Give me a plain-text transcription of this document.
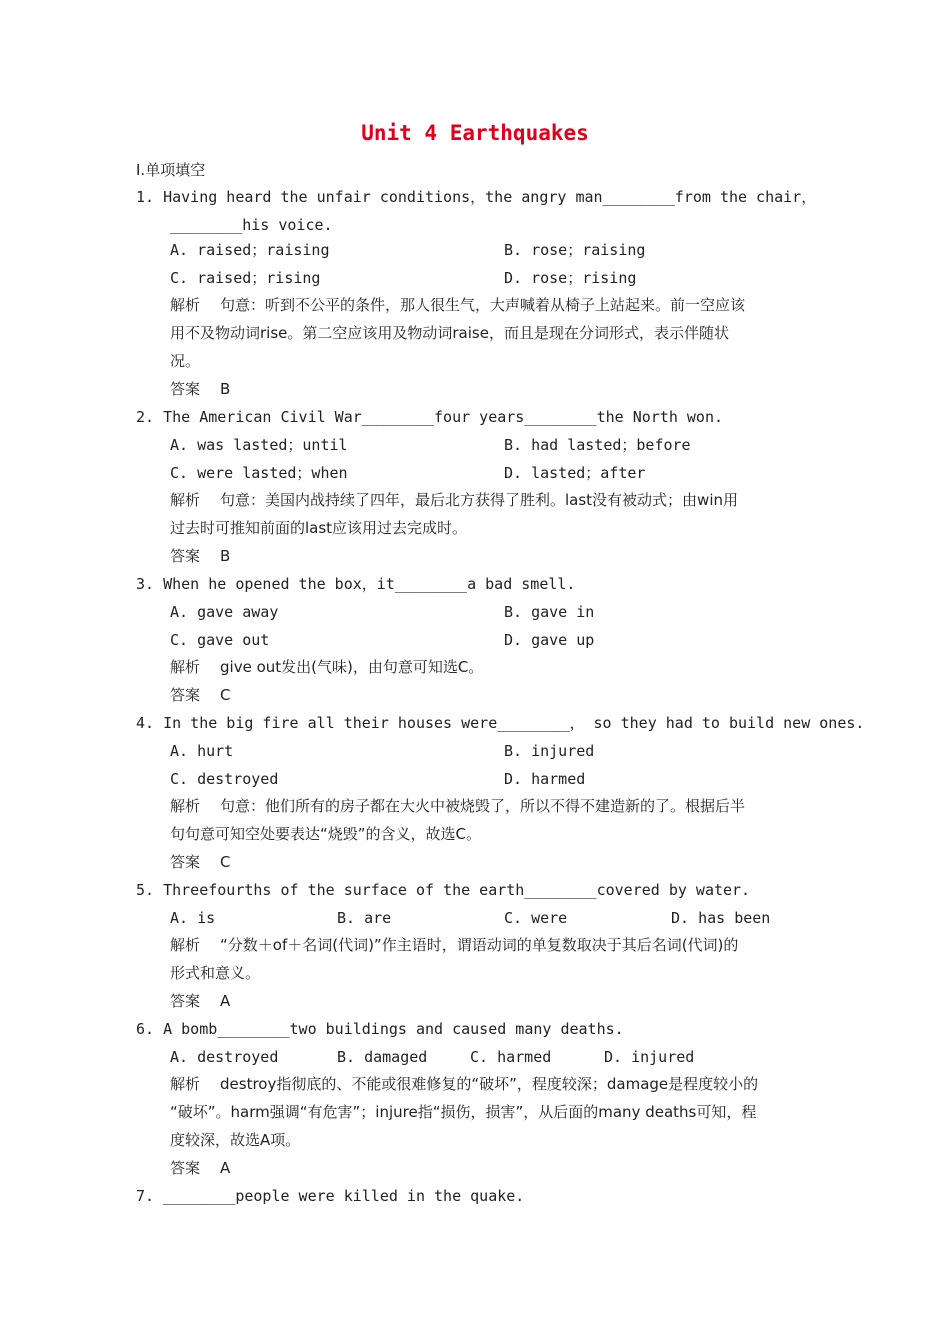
Unit 4 Earthquakes
Ⅰ.单项填空
1. Having heard the unfair conditions，the angry man________from the chair，
________his voice.
A. raised；raising	B. rose；raising
C. raised；rising	D. rose；rising
解析 句意：听到不公平的条件，那人很生气，大声喊着从椅子上站起来。前一空应该
用不及物动词rise。第二空应该用及物动词raise，而且是现在分词形式，表示伴随状
况。
答案 B
2. The American Civil War________four years________the North won.
A. was lasted；until	B. had lasted；before
C. were lasted；when	D. lasted；after
解析 句意：美国内战持续了四年，最后北方获得了胜利。last没有被动式；由win用
过去时可推知前面的last应该用过去完成时。
答案 B
3. When he opened the box，it________a bad smell.
A. gave away	B. gave in
C. gave out	D. gave up
解析 give out发出(气味)，由句意可知选C。
答案 C
4. In the big fire all their houses were________， so they had to build new ones.
A. hurt	B. injured
C. destroyed	D. harmed
解析 句意：他们所有的房子都在大火中被烧毁了，所以不得不建造新的了。根据后半
句句意可知空处要表达“烧毁”的含义，故选C。
答案 C
5. Threefourths of the surface of the earth________covered by water.
A. is	B. are	C. were	D. has been
解析 “分数＋of＋名词(代词)”作主语时，谓语动词的单复数取决于其后名词(代词)的
形式和意义。
答案 A
6. A bomb________two buildings and caused many deaths.
A. destroyed	B. damaged	C. harmed	D. injured
解析 destroy指彻底的、不能或很难修复的“破坏”，程度较深；damage是程度较小的
“破坏”。harm强调“有危害”；injure指“损伤，损害”，从后面的many deaths可知，程
度较深，故选A项。
答案 A
7. ________people were killed in the quake.
